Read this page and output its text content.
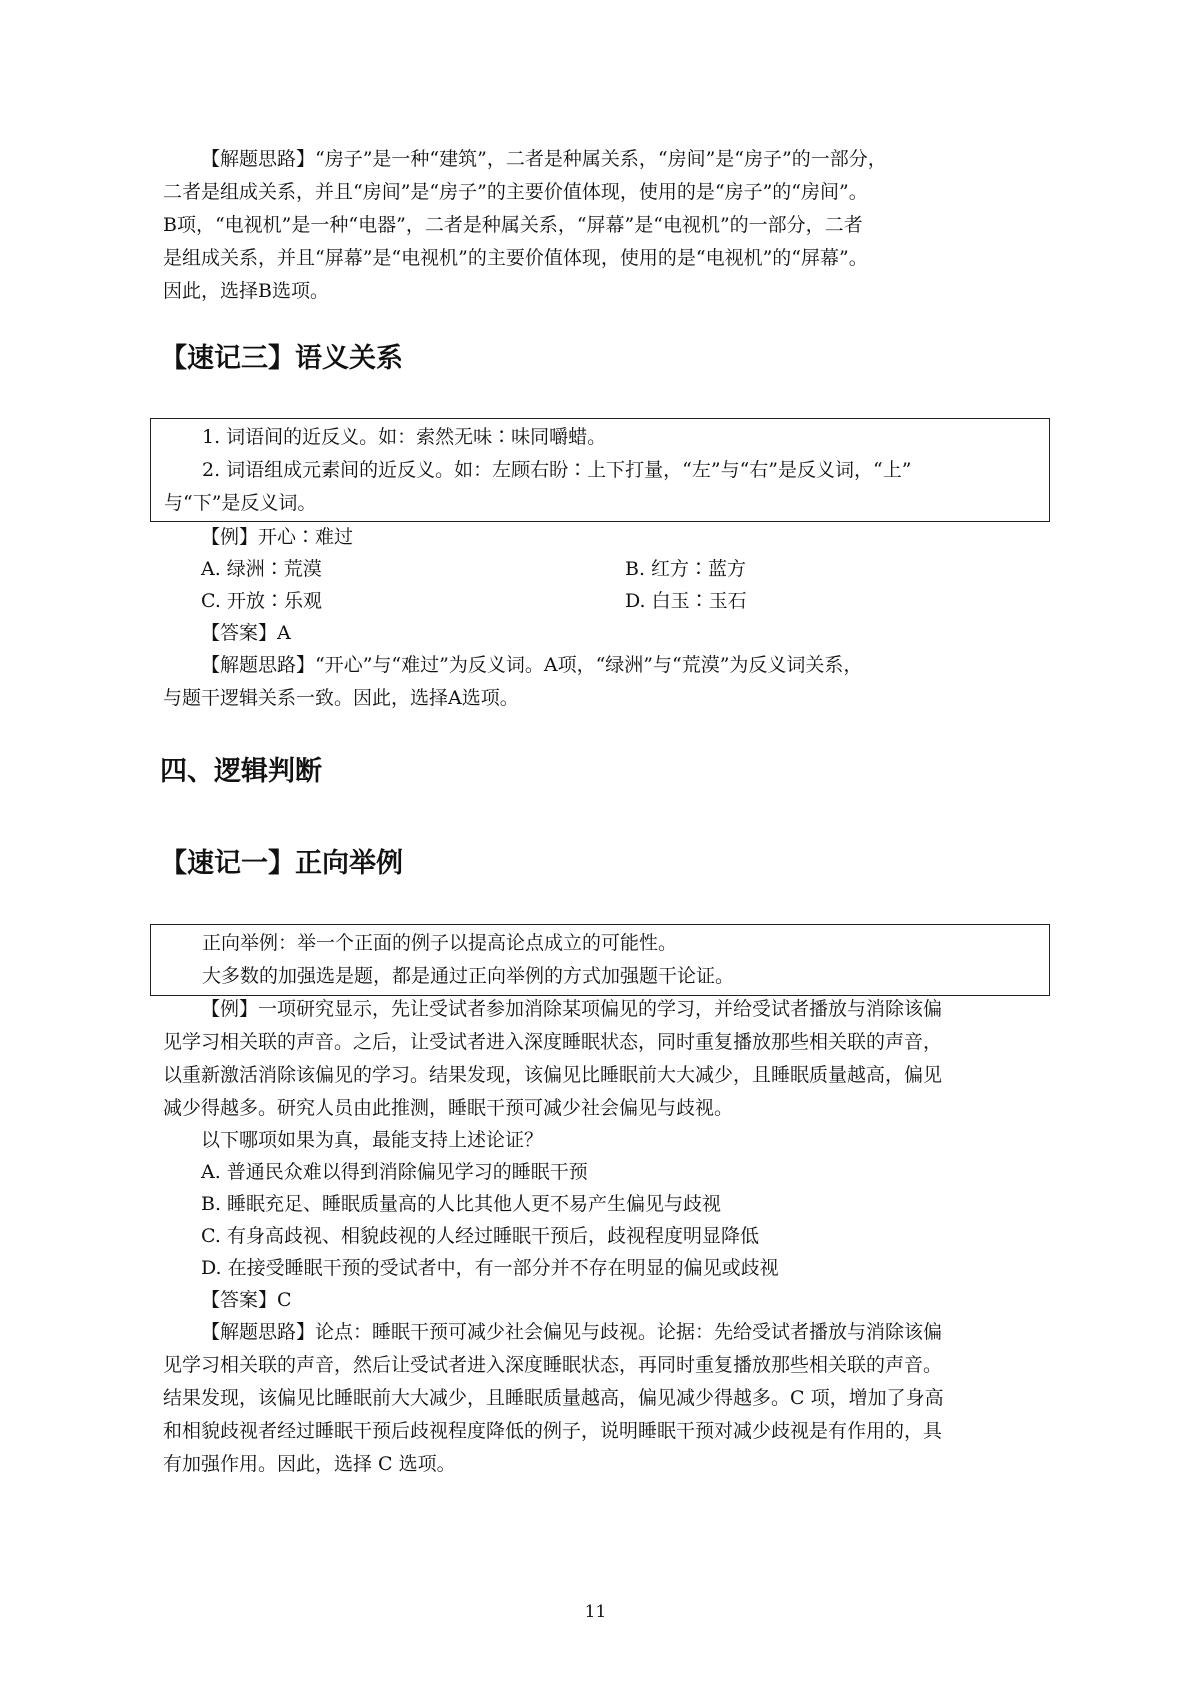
【解题思路】“房子”是一种“建筑”，二者是种属关系，“房间”是“房子”的一部分，
二者是组成关系，并且“房间”是“房子”的主要价值体现，使用的是“房子”的“房间”。
B项，“电视机”是一种“电器”，二者是种属关系，“屏幕”是“电视机”的一部分，二者
是组成关系，并且“屏幕”是“电视机”的主要价值体现，使用的是“电视机”的“屏幕”。
因此，选择B选项。
【速记三】语义关系
1. 词语间的近反义。如：索然无味∶味同嚼蜡。
2. 词语组成元素间的近反义。如：左顾右盼∶上下打量，“左”与“右”是反义词，“上”
与“下”是反义词。
【例】开心∶难过
A. 绿洲∶荒漠	B. 红方∶蓝方
C. 开放∶乐观	D. 白玉∶玉石
【答案】A
【解题思路】“开心”与“难过”为反义词。A项，“绿洲”与“荒漠”为反义词关系，
与题干逻辑关系一致。因此，选择A选项。
四、逻辑判断
【速记一】正向举例
正向举例：举一个正面的例子以提高论点成立的可能性。
大多数的加强选是题，都是通过正向举例的方式加强题干论证。
【例】一项研究显示，先让受试者参加消除某项偏见的学习，并给受试者播放与消除该偏
见学习相关联的声音。之后，让受试者进入深度睡眠状态，同时重复播放那些相关联的声音，
以重新激活消除该偏见的学习。结果发现，该偏见比睡眠前大大减少，且睡眠质量越高，偏见
减少得越多。研究人员由此推测，睡眠干预可减少社会偏见与歧视。
以下哪项如果为真，最能支持上述论证？
A. 普通民众难以得到消除偏见学习的睡眠干预
B. 睡眠充足、睡眠质量高的人比其他人更不易产生偏见与歧视
C. 有身高歧视、相貌歧视的人经过睡眠干预后，歧视程度明显降低
D. 在接受睡眠干预的受试者中，有一部分并不存在明显的偏见或歧视
【答案】C
【解题思路】论点：睡眠干预可减少社会偏见与歧视。论据：先给受试者播放与消除该偏
见学习相关联的声音，然后让受试者进入深度睡眠状态，再同时重复播放那些相关联的声音。
结果发现，该偏见比睡眠前大大减少，且睡眠质量越高，偏见减少得越多。C 项，增加了身高
和相貌歧视者经过睡眠干预后歧视程度降低的例子，说明睡眠干预对减少歧视是有作用的，具
有加强作用。因此，选择 C 选项。
11
